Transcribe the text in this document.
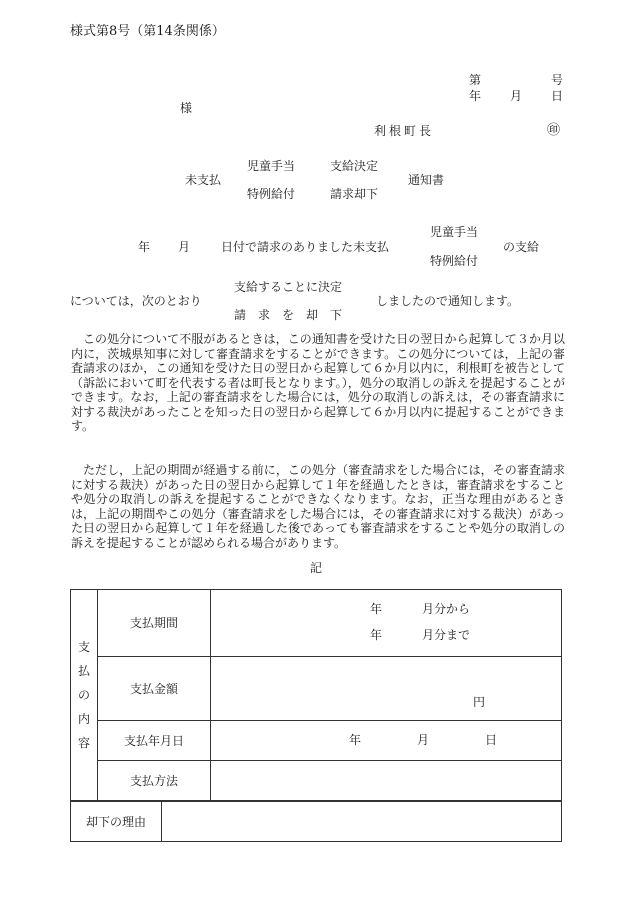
様式第8号（第14条関係）
第	号
年 月 日
様
利根町長	㊞
児童手当	支給決定
未支払	通知書
特例給付	請求却下
児童手当
年 月	日付で請求のありました未支払	の支給
特例給付
支給することに決定
については，次のとおり	しましたので通知します。
請　求　を　却　下
この処分について不服があるときは，この通知書を受けた日の翌日から起算して３か月以内に，茨城県知事に対して審査請求をすることができます。この処分については，上記の審査請求のほか，この通知を受けた日の翌日から起算して６か月以内に，利根町を被告として（訴訟において町を代表する者は町長となります。），処分の取消しの訴えを提起することができます。なお，上記の審査請求をした場合には，処分の取消しの訴えは，その審査請求に対する裁決があったことを知った日の翌日から起算して６か月以内に提起することができます。
ただし，上記の期間が経過する前に，この処分（審査請求をした場合には，その審査請求に対する裁決）があった日の翌日から起算して１年を経過したときは，審査請求をすることや処分の取消しの訴えを提起することができなくなります。なお，正当な理由があるときは，上記の期間やこの処分（審査請求をした場合には，その審査請求に対する裁決）があった日の翌日から起算して１年を経過した後であっても審査請求をすることや処分の取消しの訴えを提起することが認められる場合があります。
記
支
払
の
内
容	支払期間	年 月分から
年 月分まで

	支払金額	円

	支払年月日	年 月 日

	支払方法	
却下の理由	
